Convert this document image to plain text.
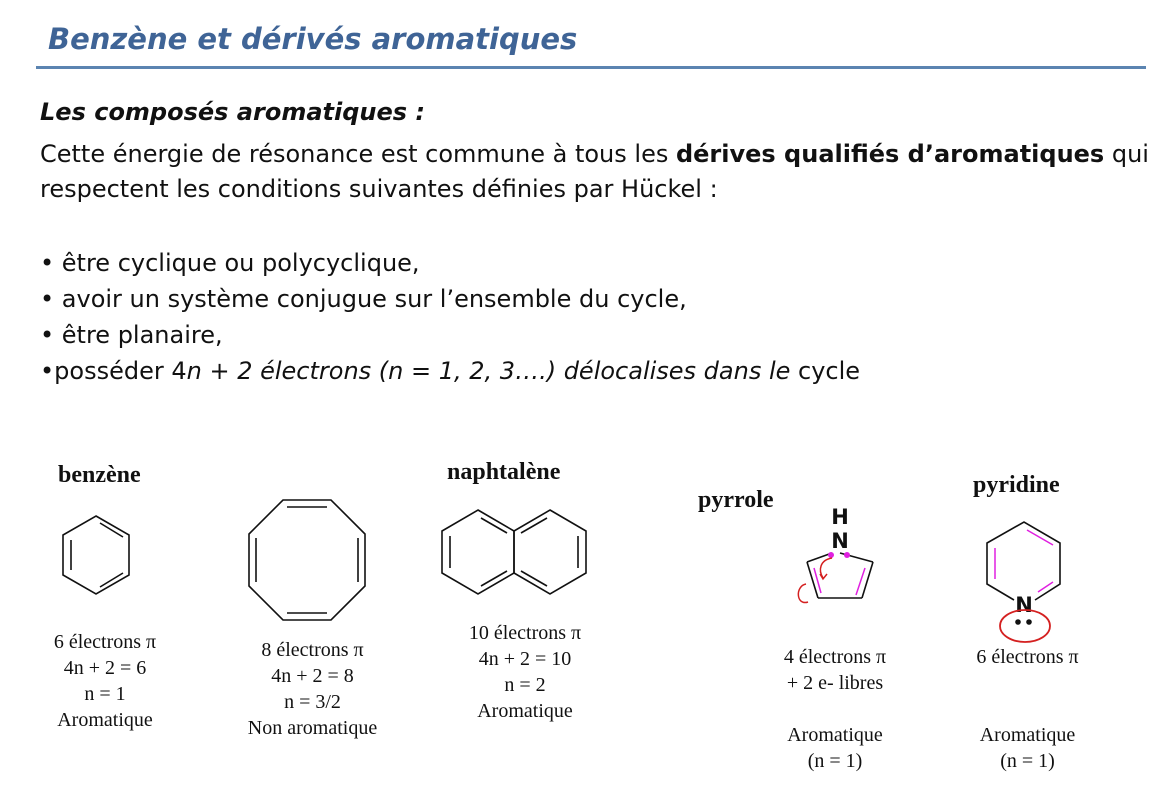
Benzène et dérivés aromatiques
Les composés aromatiques :
Cette énergie de résonance est commune à tous les dérives qualifiés d’aromatiques qui respectent les conditions suivantes définies par Hückel :
• être cyclique ou polycyclique,
• avoir un système conjugue sur l’ensemble du cycle,
• être planaire,
•posséder 4n + 2 électrons (n = 1, 2, 3….) délocalises dans le cycle
benzène
6 électrons π
4n + 2 = 6
n = 1
Aromatique
8 électrons π
4n + 2 = 8
n = 3/2
Non aromatique
naphtalène
10 électrons π
4n + 2 = 10
n = 2
Aromatique
pyrrole
H
N
4 électrons π
+ 2 e- libres
Aromatique
(n = 1)
pyridine
N
6 électrons π
Aromatique
(n = 1)
